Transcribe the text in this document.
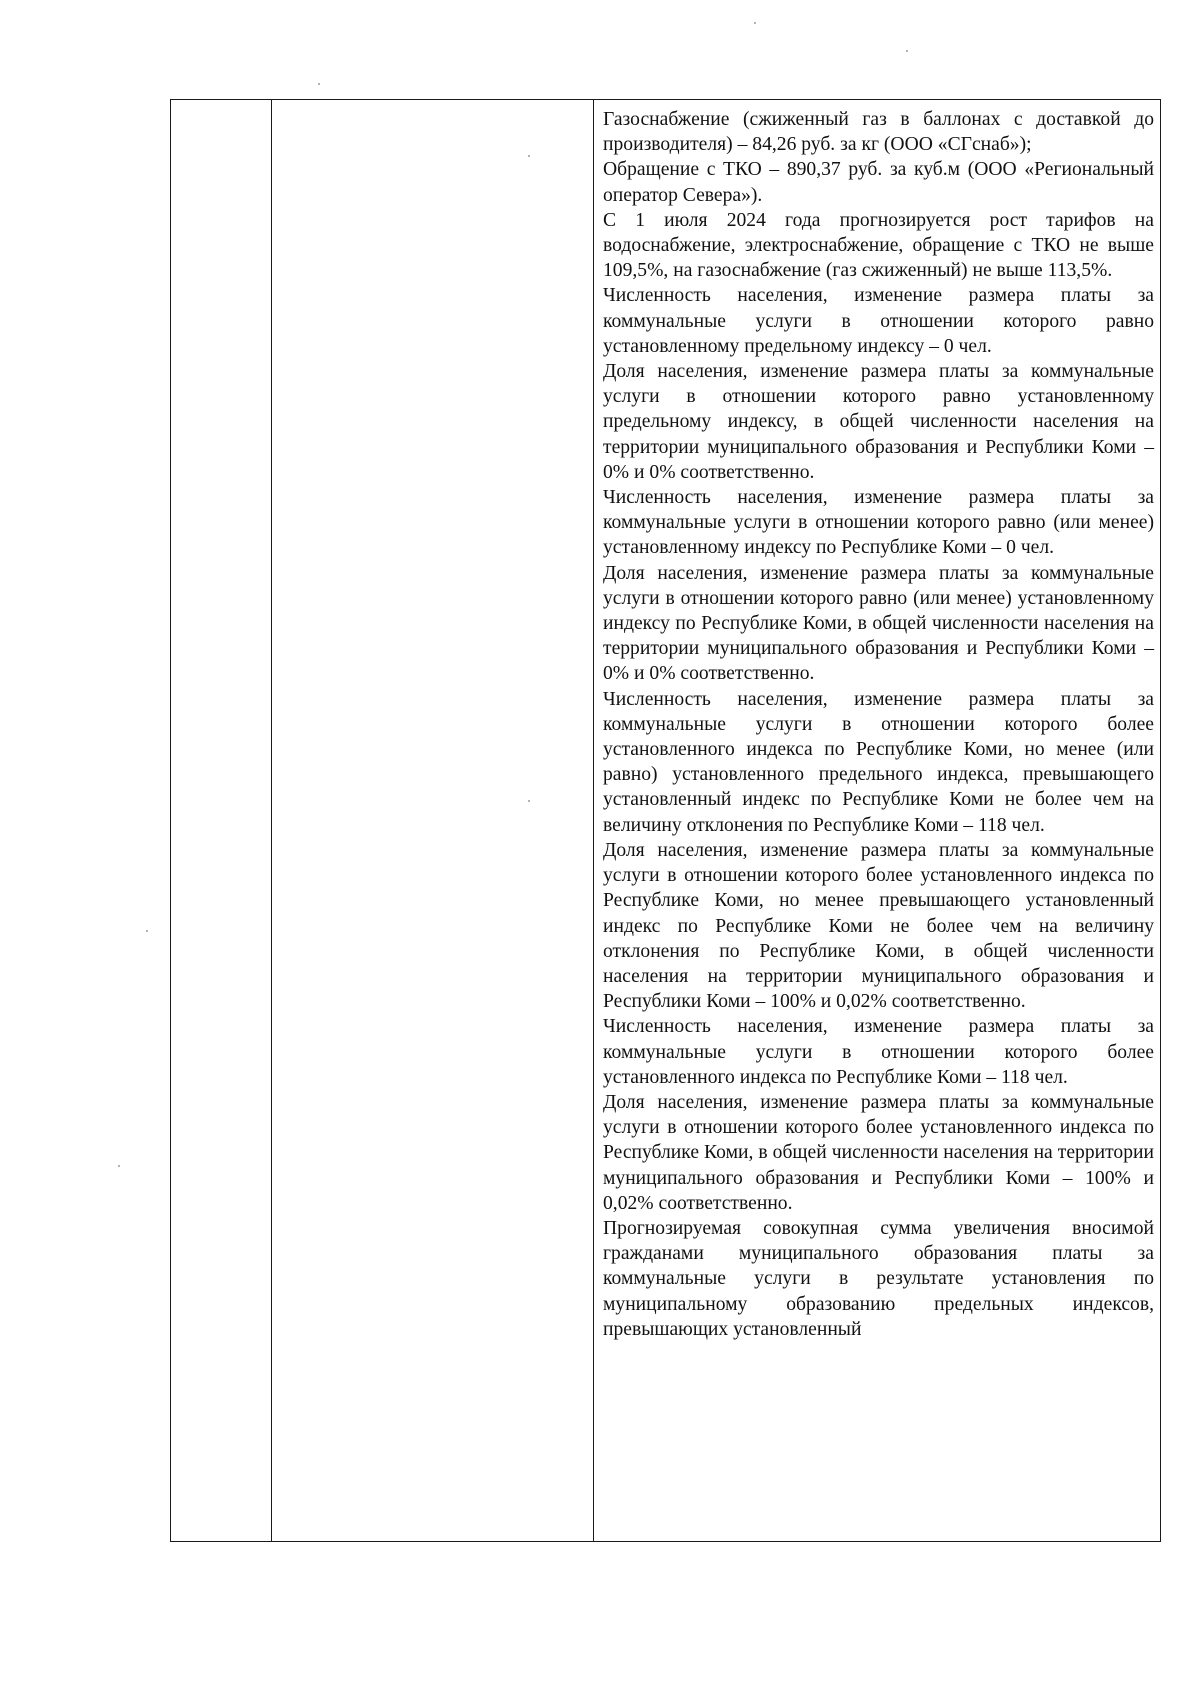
Газоснабжение (сжиженный газ в баллонах с доставкой до производителя) – 84,26 руб. за кг (ООО «СГснаб»);

Обращение с ТКО – 890,37 руб. за куб.м (ООО «Региональный оператор Севера»).

С 1 июля 2024 года прогнозируется рост тарифов на водоснабжение, электроснабжение, обращение с ТКО не выше 109,5%, на газоснабжение (газ сжиженный) не выше 113,5%.

Численность населения, изменение размера платы за коммунальные услуги в отношении которого равно установленному предельному индексу – 0 чел.

Доля населения, изменение размера платы за коммунальные услуги в отношении которого равно установленному предельному индексу, в общей численности населения на территории муниципального образования и Республики Коми – 0% и 0% соответственно.

Численность населения, изменение размера платы за коммунальные услуги в отношении которого равно (или менее) установленному индексу по Республике Коми – 0 чел.

Доля населения, изменение размера платы за коммунальные услуги в отношении которого равно (или менее) установленному индексу по Республике Коми, в общей численности населения на территории муниципального образования и Республики Коми – 0% и 0% соответственно.

Численность населения, изменение размера платы за коммунальные услуги в отношении которого более установленного индекса по Республике Коми, но менее (или равно) установленного предельного индекса, превышающего установленный индекс по Республике Коми не более чем на величину отклонения по Республике Коми – 118 чел.

Доля населения, изменение размера платы за коммунальные услуги в отношении которого более установленного индекса по Республике Коми, но менее превышающего установленный индекс по Республике Коми не более чем на величину отклонения по Республике Коми, в общей численности населения на территории муниципального образования и Республики Коми – 100% и 0,02% соответственно.

Численность населения, изменение размера платы за коммунальные услуги в отношении которого более установленного индекса по Республике Коми – 118 чел.

Доля населения, изменение размера платы за коммунальные услуги в отношении которого более установленного индекса по Республике Коми, в общей численности населения на территории муниципального образования и Республики Коми – 100% и 0,02% соответственно.

Прогнозируемая совокупная сумма увеличения вносимой гражданами муниципального образования платы за коммунальные услуги в результате установления по муниципальному образованию предельных индексов, превышающих установленный
